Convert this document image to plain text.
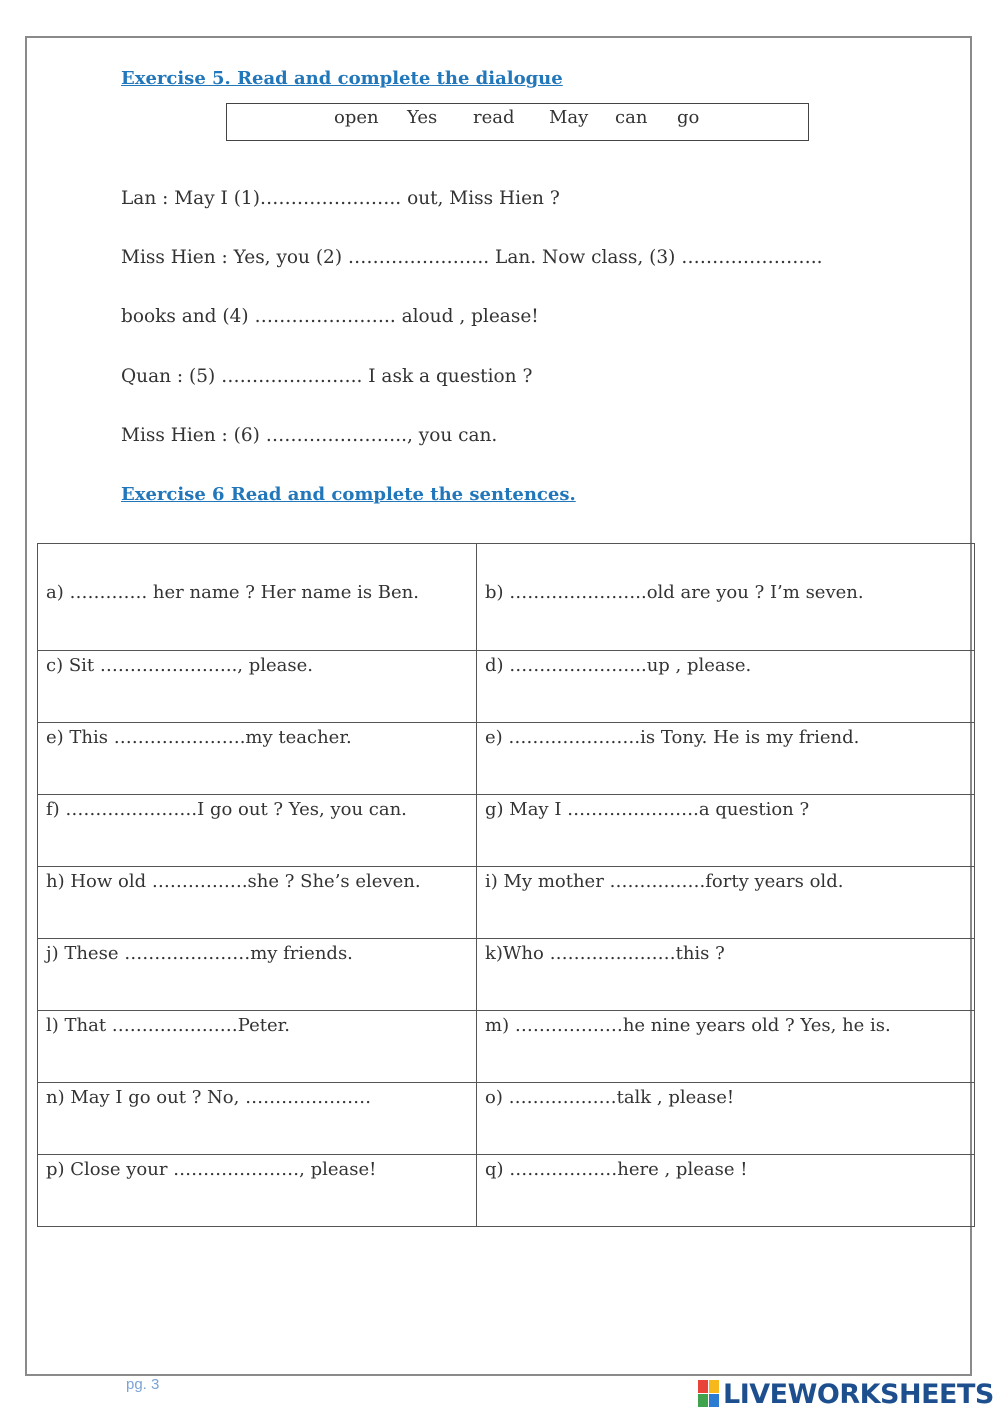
Exercise 5. Read and complete the dialogue
open Yes read May can go
Lan : May I (1)………………….. out, Miss Hien ?
Miss Hien : Yes, you (2) ………………….. Lan. Now class, (3) …………………..
books and (4) ………………….. aloud , please!
Quan : (5) ………………….. I ask a question ?
Miss Hien : (6) ………………….., you can.
Exercise 6 Read and complete the sentences.
a) …………. her name ? Her name is Ben.	b) …………………..old are you ? I’m seven.
c) Sit ………………….., please.	d) …………………..up , please.
e) This ………………….my teacher.	e) ………………….is Tony. He is my friend.
f) ………………….I go out ? Yes, you can.	g) May I ………………….a question ?
h) How old …………….she ? She’s eleven.	i) My mother …………….forty years old.
j) These …………………my friends.	k)Who …………………this ?
l) That …………………Peter.	m) ………………he nine years old ? Yes, he is.
n) May I go out ? No, …………………	o) ………………talk , please!
p) Close your …………………, please!	q) ………………here , please !
pg. 3	LIVEWORKSHEETS
